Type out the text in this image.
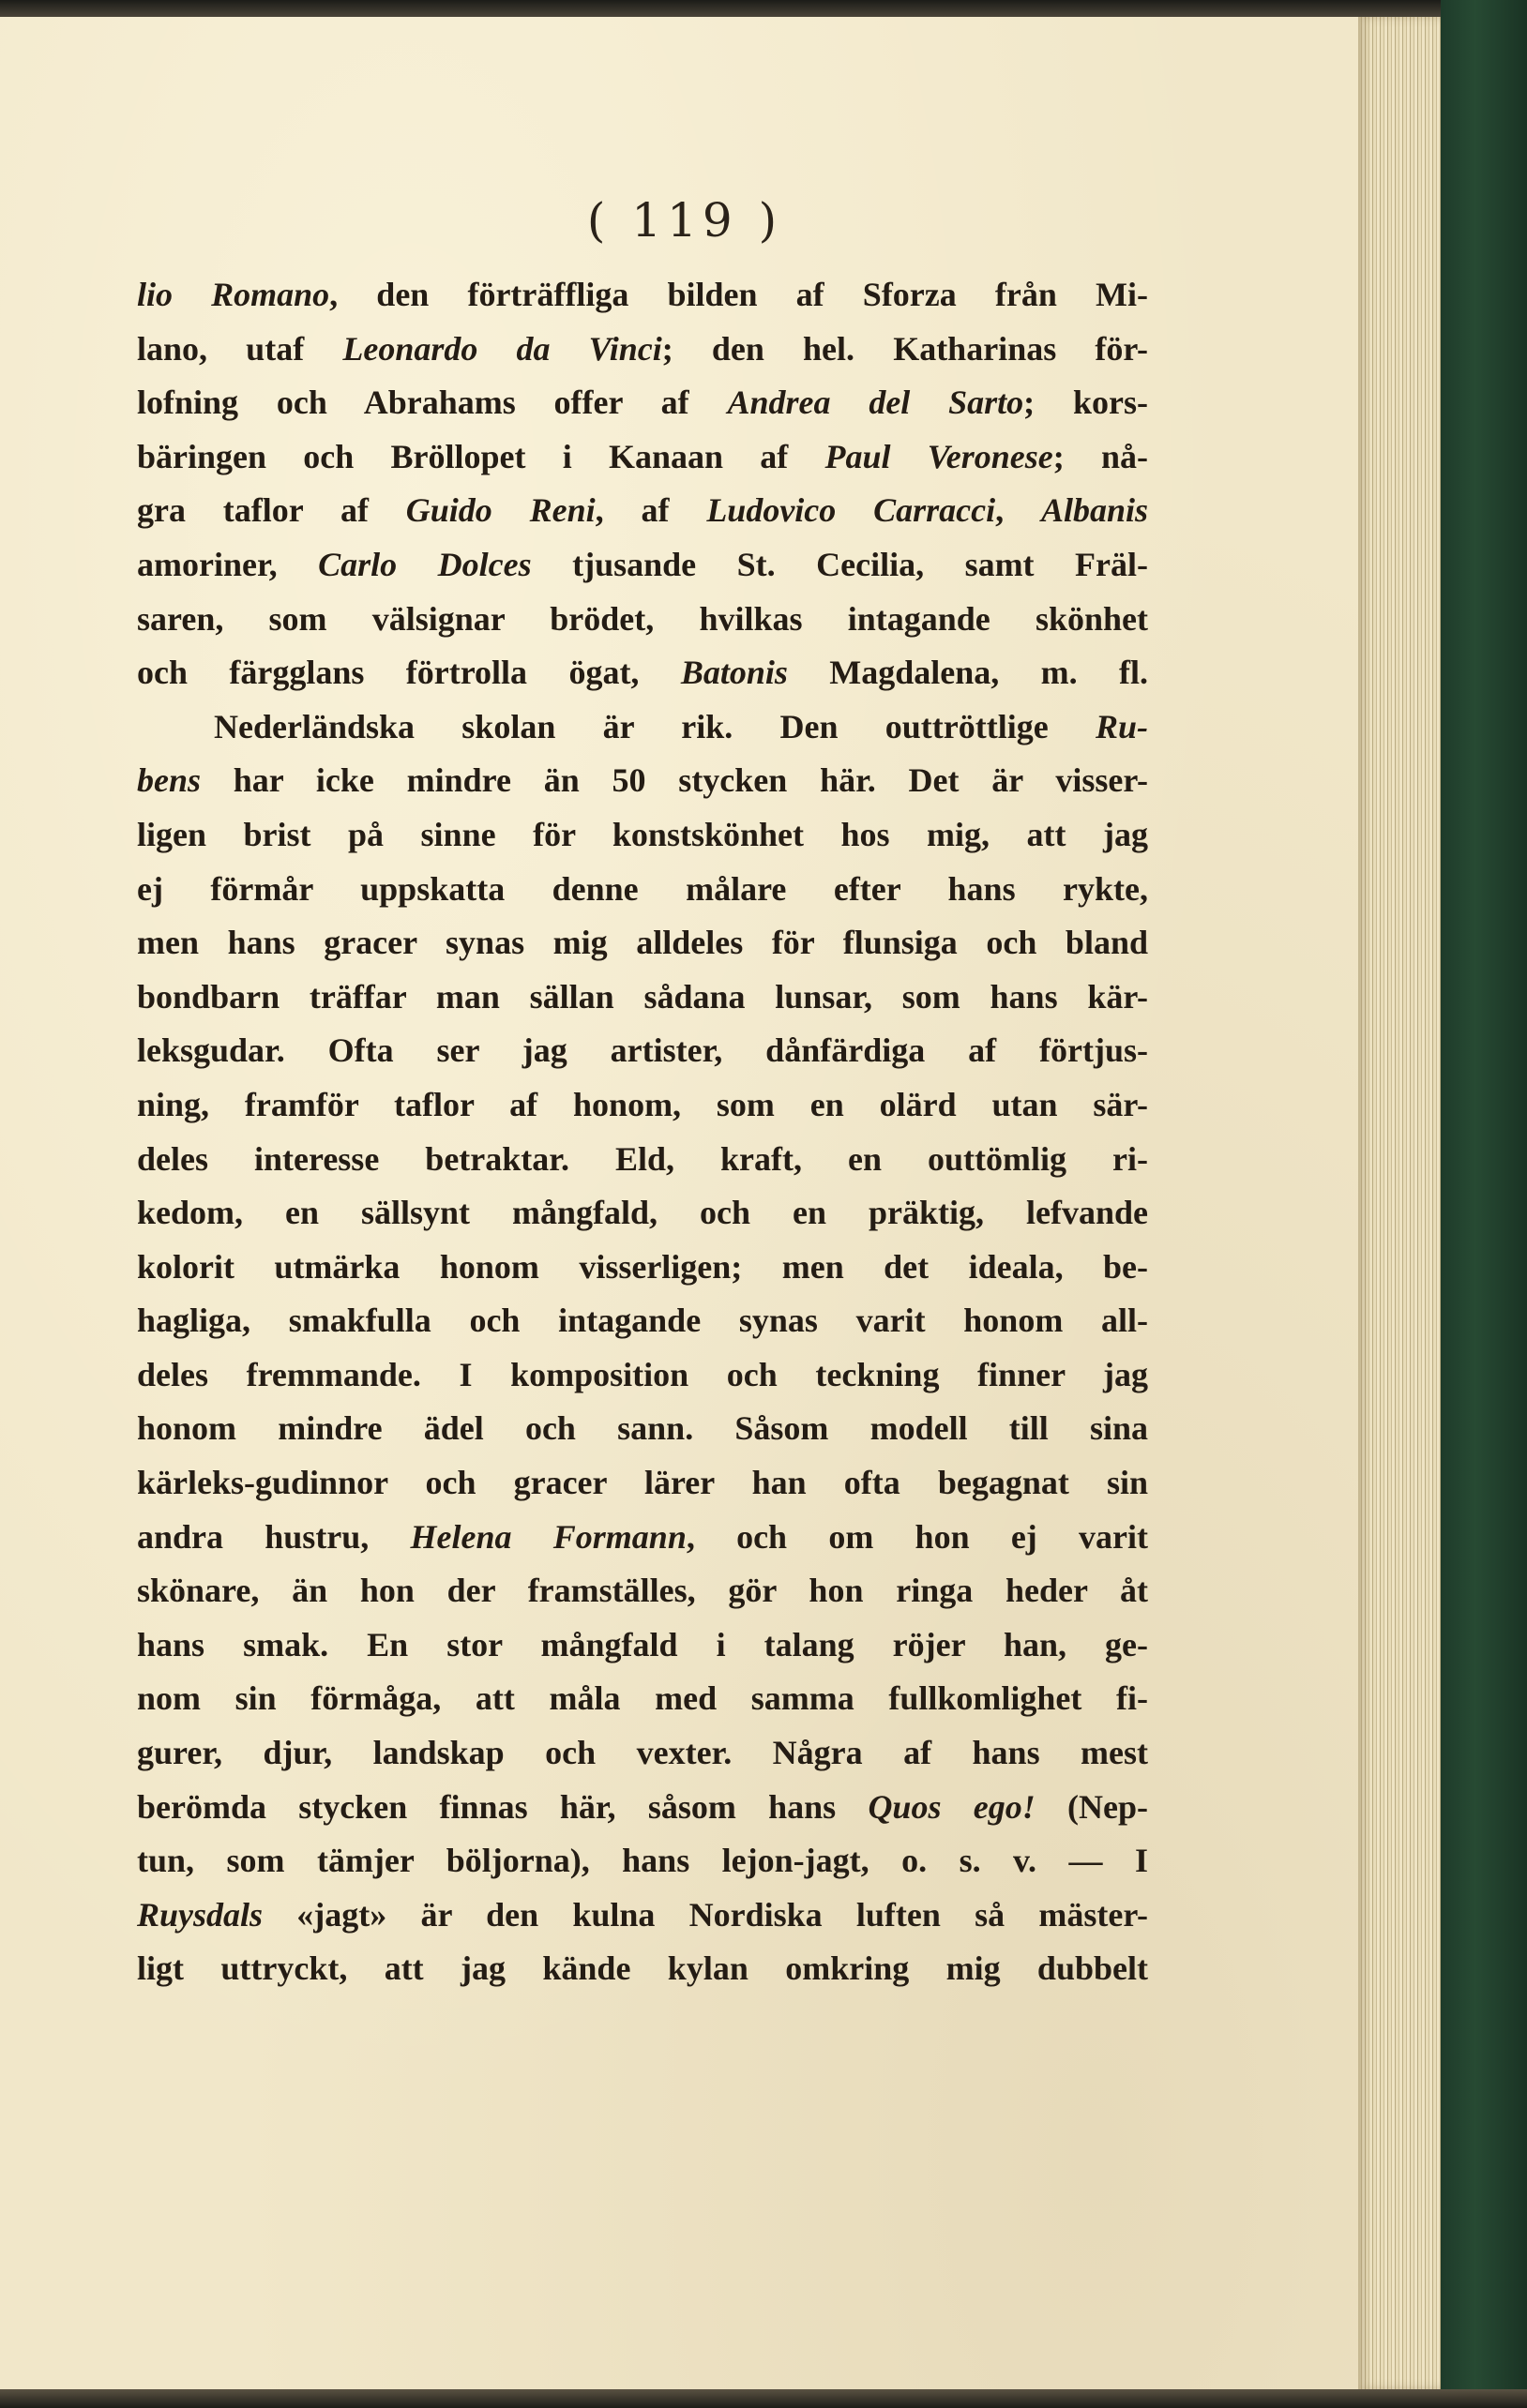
( 119 )
lio Romano, den förträffliga bilden af Sforza från Mi-
lano, utaf Leonardo da Vinci; den hel. Katharinas för-
lofning och Abrahams offer af Andrea del Sarto; kors-
bäringen och Bröllopet i Kanaan af Paul Veronese; nå-
gra taflor af Guido Reni, af Ludovico Carracci, Albanis
amoriner, Carlo Dolces tjusande St. Cecilia, samt Fräl-
saren, som välsignar brödet, hvilkas intagande skönhet
och färgglans förtrolla ögat, Batonis Magdalena, m. fl.
Nederländska skolan är rik. Den outtröttlige Ru-
bens har icke mindre än 50 stycken här. Det är visser-
ligen brist på sinne för konstskönhet hos mig, att jag
ej förmår uppskatta denne målare efter hans rykte,
men hans gracer synas mig alldeles för flunsiga och bland
bondbarn träffar man sällan sådana lunsar, som hans kär-
leksgudar. Ofta ser jag artister, dånfärdiga af förtjus-
ning, framför taflor af honom, som en olärd utan sär-
deles interesse betraktar. Eld, kraft, en outtömlig ri-
kedom, en sällsynt mångfald, och en präktig, lefvande
kolorit utmärka honom visserligen; men det ideala, be-
hagliga, smakfulla och intagande synas varit honom all-
deles fremmande. I komposition och teckning finner jag
honom mindre ädel och sann. Såsom modell till sina
kärleks-gudinnor och gracer lärer han ofta begagnat sin
andra hustru, Helena Formann, och om hon ej varit
skönare, än hon der framställes, gör hon ringa heder åt
hans smak. En stor mångfald i talang röjer han, ge-
nom sin förmåga, att måla med samma fullkomlighet fi-
gurer, djur, landskap och vexter. Några af hans mest
berömda stycken finnas här, såsom hans Quos ego! (Nep-
tun, som tämjer böljorna), hans lejon-jagt, o. s. v. — I
Ruysdals «jagt» är den kulna Nordiska luften så mäster-
ligt uttryckt, att jag kände kylan omkring mig dubbelt
